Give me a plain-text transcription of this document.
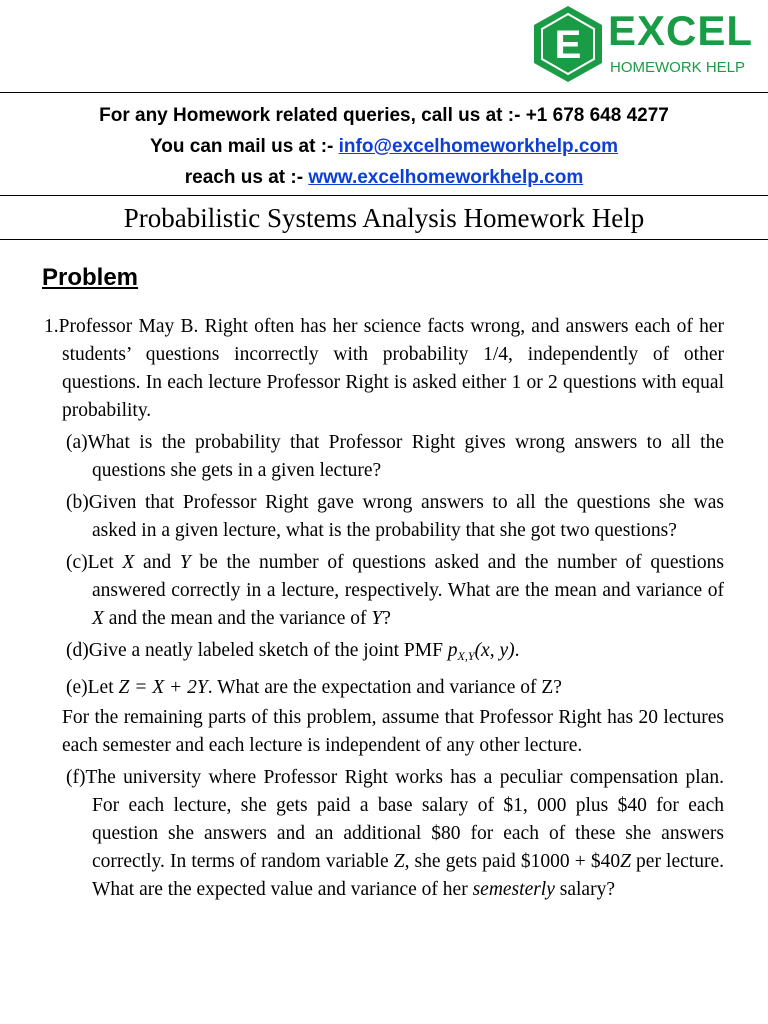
E EXCEL
HOMEWORK HELP
For any Homework related queries, call us at :- +1 678 648 4277
You can mail us at :- info@excelhomeworkhelp.com
reach us at :- www.excelhomeworkhelp.com
Probabilistic Systems Analysis Homework Help
Problem
1.Professor May B. Right often has her science facts wrong, and answers each of her students’ questions incorrectly with probability 1/4, independently of other questions. In each lecture Professor Right is asked either 1 or 2 questions with equal probability.
(a)What is the probability that Professor Right gives wrong answers to all the questions she gets in a given lecture?
(b)Given that Professor Right gave wrong answers to all the questions she was asked in a given lecture, what is the probability that she got two questions?
(c)Let X and Y be the number of questions asked and the number of questions answered correctly in a lecture, respectively. What are the mean and variance of X and the mean and the variance of Y?
(d)Give a neatly labeled sketch of the joint PMF $p_{X,Y}(x$, y).
(e)Let Z = X + 2Y. What are the expectation and variance of Z?
For the remaining parts of this problem, assume that Professor Right has 20 lectures each semester and each lecture is independent of any other lecture.
(f)The university where Professor Right works has a peculiar compensation plan. For each lecture, she gets paid a base salary of $1, 000 plus $40 for each question she answers and an additional $80 for each of these she answers correctly. In terms of random variable Z, she gets paid $1000 + $40Z per lecture. What are the expected value and variance of her semesterly salary?
